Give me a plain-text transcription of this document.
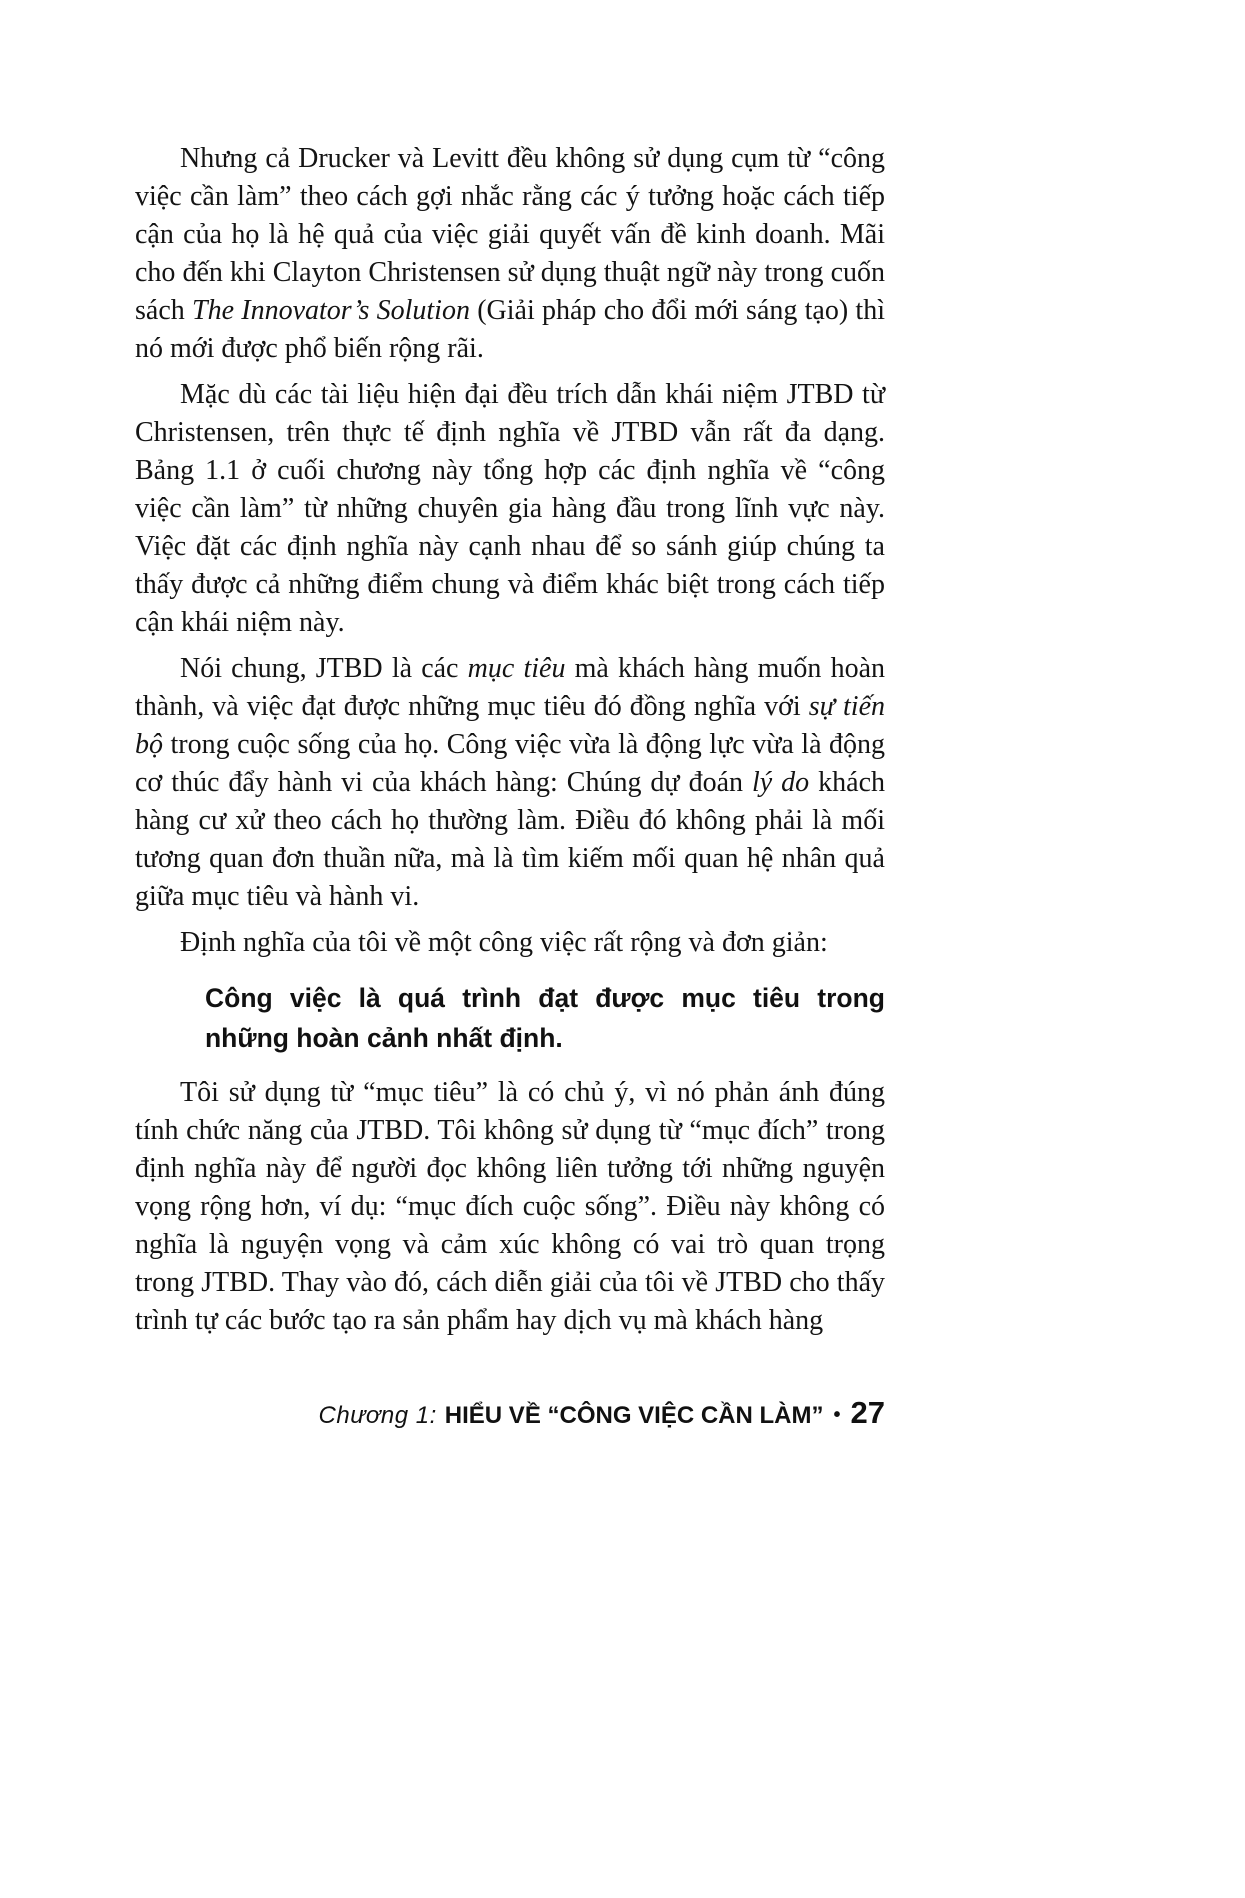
Nhưng cả Drucker và Levitt đều không sử dụng cụm từ “công việc cần làm” theo cách gợi nhắc rằng các ý tưởng hoặc cách tiếp cận của họ là hệ quả của việc giải quyết vấn đề kinh doanh. Mãi cho đến khi Clayton Christensen sử dụng thuật ngữ này trong cuốn sách The Innovator’s Solution (Giải pháp cho đổi mới sáng tạo) thì nó mới được phổ biến rộng rãi.

Mặc dù các tài liệu hiện đại đều trích dẫn khái niệm JTBD từ Christensen, trên thực tế định nghĩa về JTBD vẫn rất đa dạng. Bảng 1.1 ở cuối chương này tổng hợp các định nghĩa về “công việc cần làm” từ những chuyên gia hàng đầu trong lĩnh vực này. Việc đặt các định nghĩa này cạnh nhau để so sánh giúp chúng ta thấy được cả những điểm chung và điểm khác biệt trong cách tiếp cận khái niệm này.

Nói chung, JTBD là các mục tiêu mà khách hàng muốn hoàn thành, và việc đạt được những mục tiêu đó đồng nghĩa với sự tiến bộ trong cuộc sống của họ. Công việc vừa là động lực vừa là động cơ thúc đẩy hành vi của khách hàng: Chúng dự đoán lý do khách hàng cư xử theo cách họ thường làm. Điều đó không phải là mối tương quan đơn thuần nữa, mà là tìm kiếm mối quan hệ nhân quả giữa mục tiêu và hành vi.

Định nghĩa của tôi về một công việc rất rộng và đơn giản:

Công việc là quá trình đạt được mục tiêu trong những hoàn cảnh nhất định.

Tôi sử dụng từ “mục tiêu” là có chủ ý, vì nó phản ánh đúng tính chức năng của JTBD. Tôi không sử dụng từ “mục đích” trong định nghĩa này để người đọc không liên tưởng tới những nguyện vọng rộng hơn, ví dụ: “mục đích cuộc sống”. Điều này không có nghĩa là nguyện vọng và cảm xúc không có vai trò quan trọng trong JTBD. Thay vào đó, cách diễn giải của tôi về JTBD cho thấy trình tự các bước tạo ra sản phẩm hay dịch vụ mà khách hàng

Chương 1: HIỂU VỀ “CÔNG VIỆC CẦN LÀM” • 27
